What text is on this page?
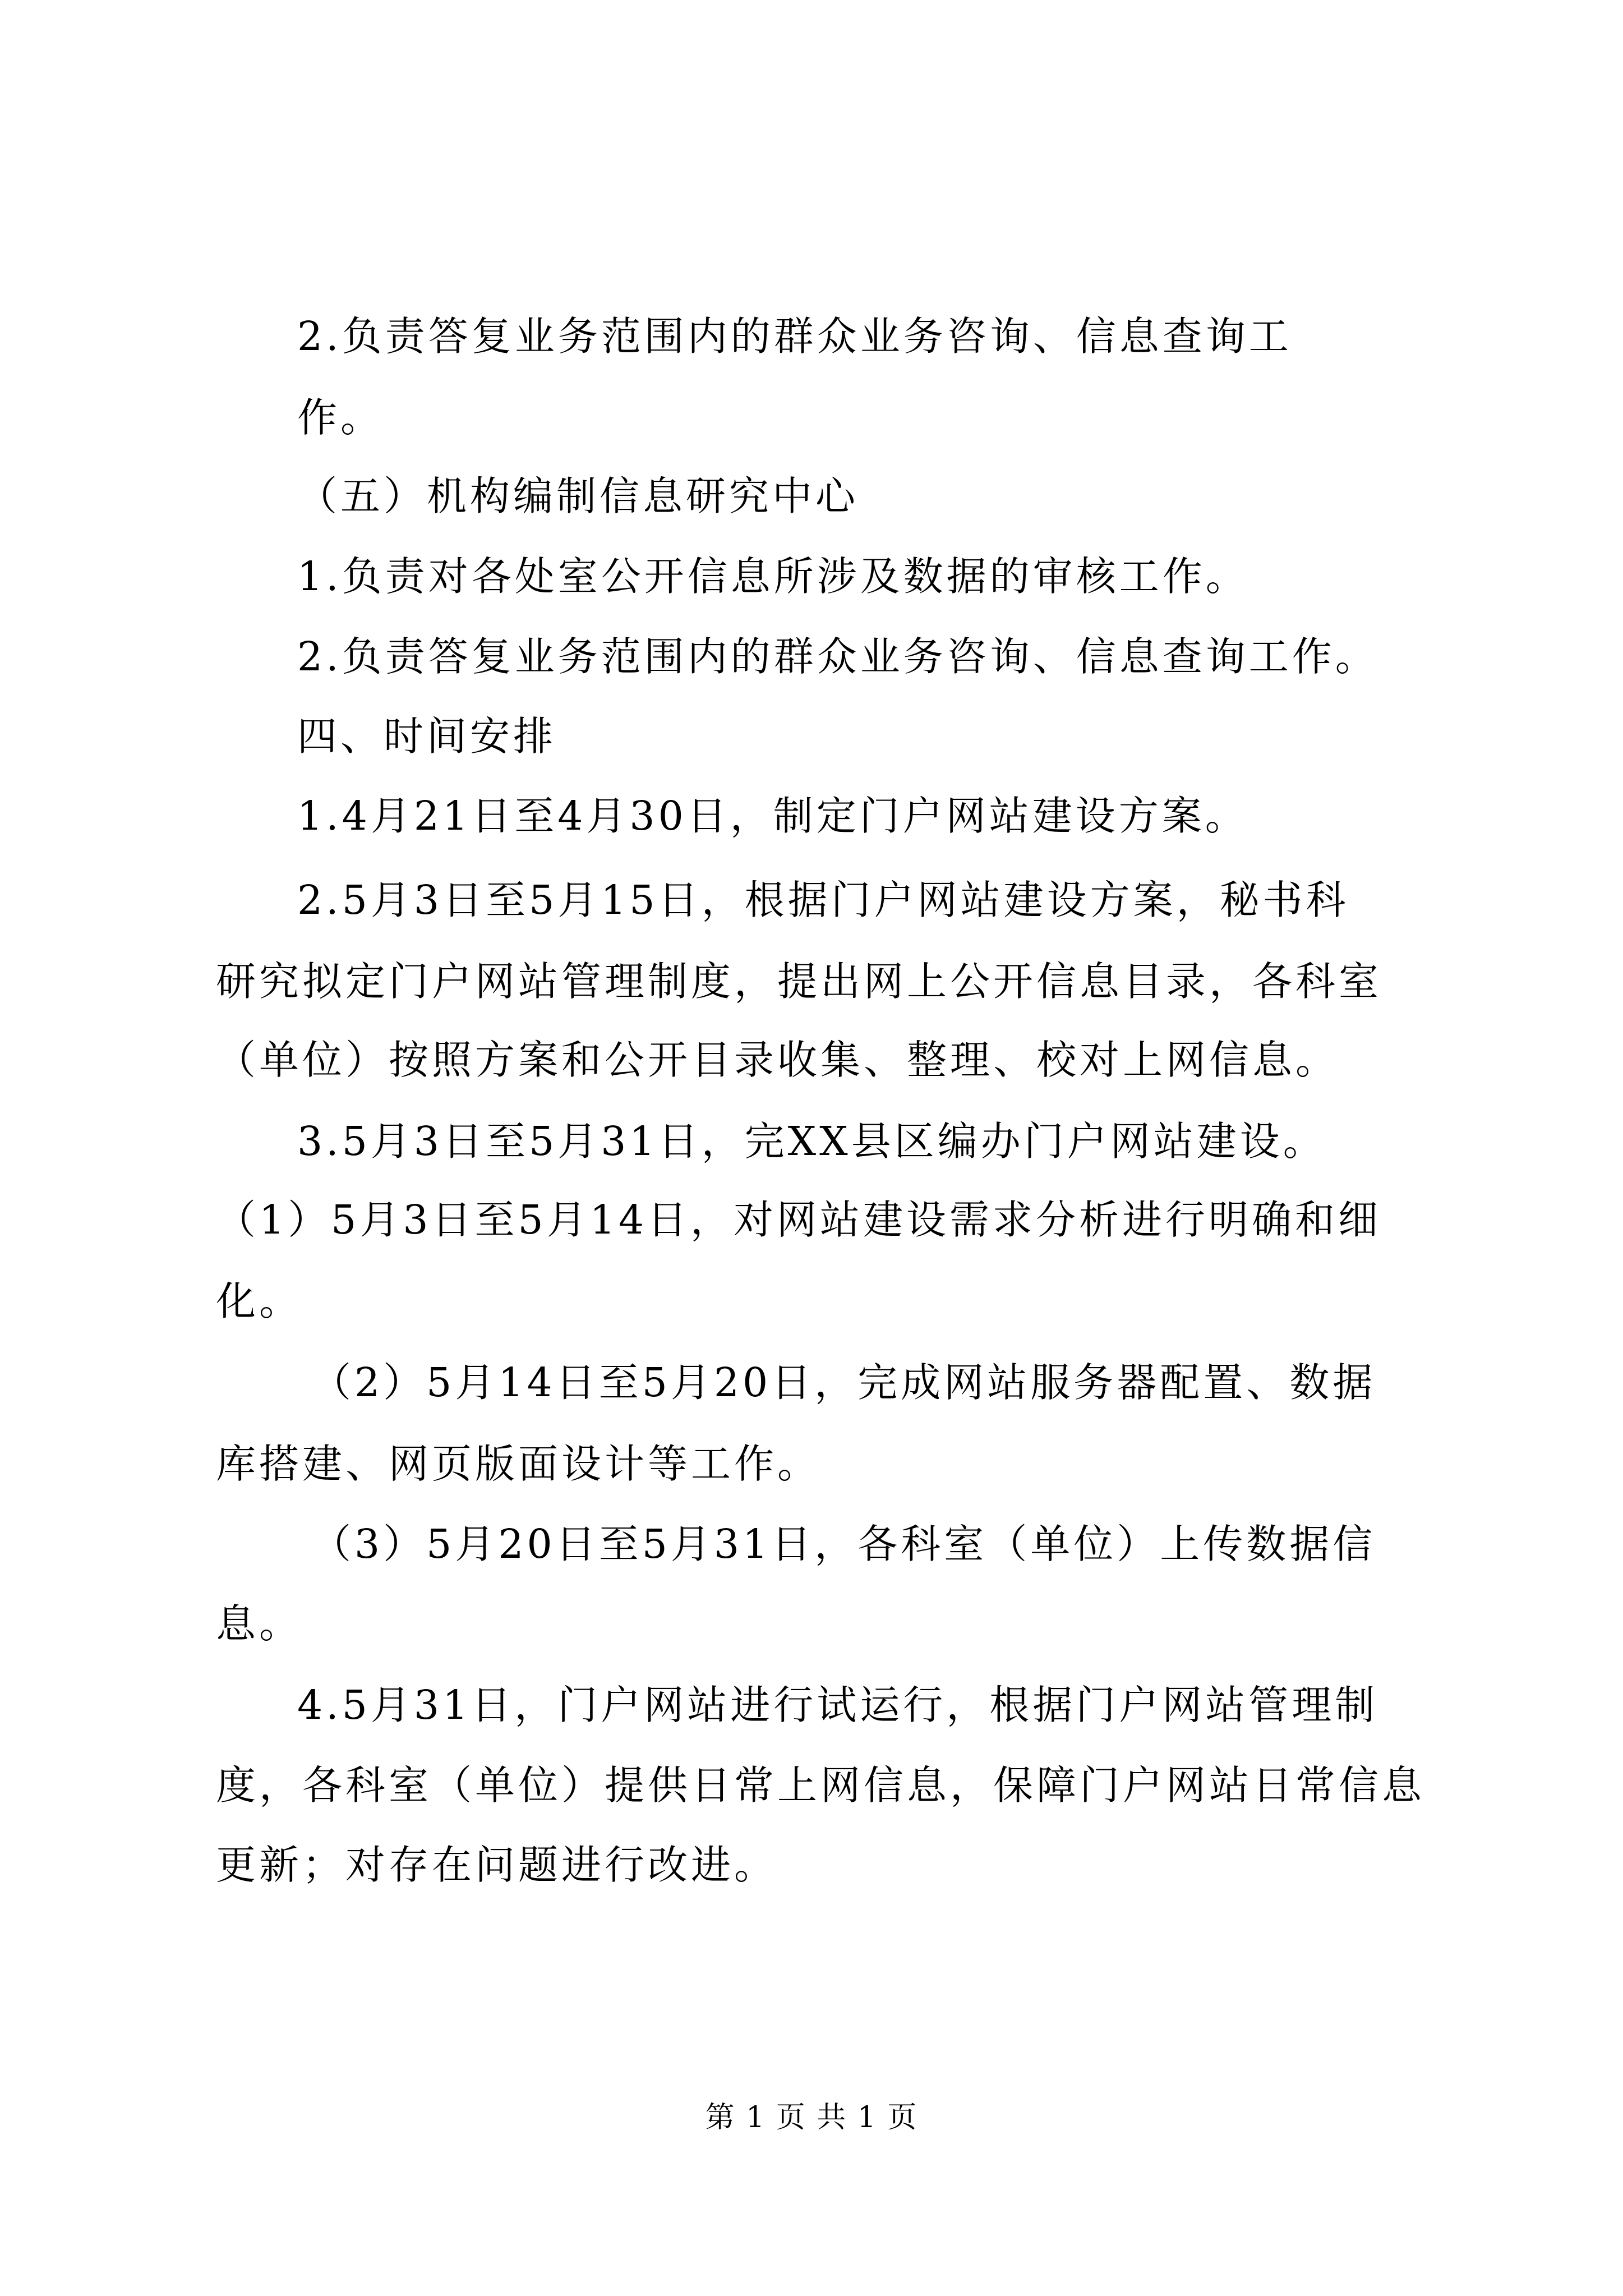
2.负责答复业务范围内的群众业务咨询、信息查询工
作。
（五）机构编制信息研究中心
1.负责对各处室公开信息所涉及数据的审核工作。
2.负责答复业务范围内的群众业务咨询、信息查询工作。
四、时间安排
1.4月21日至4月30日，制定门户网站建设方案。
2.5月3日至5月15日，根据门户网站建设方案，秘书科
研究拟定门户网站管理制度，提出网上公开信息目录，各科室
（单位）按照方案和公开目录收集、整理、校对上网信息。
3.5月3日至5月31日，完XX县区编办门户网站建设。
（1）5月3日至5月14日，对网站建设需求分析进行明确和细
化。
（2）5月14日至5月20日，完成网站服务器配置、数据
库搭建、网页版面设计等工作。
（3）5月20日至5月31日，各科室（单位）上传数据信
息。
4.5月31日，门户网站进行试运行，根据门户网站管理制
度，各科室（单位）提供日常上网信息，保障门户网站日常信息
更新；对存在问题进行改进。
第 1 页 共 1 页
